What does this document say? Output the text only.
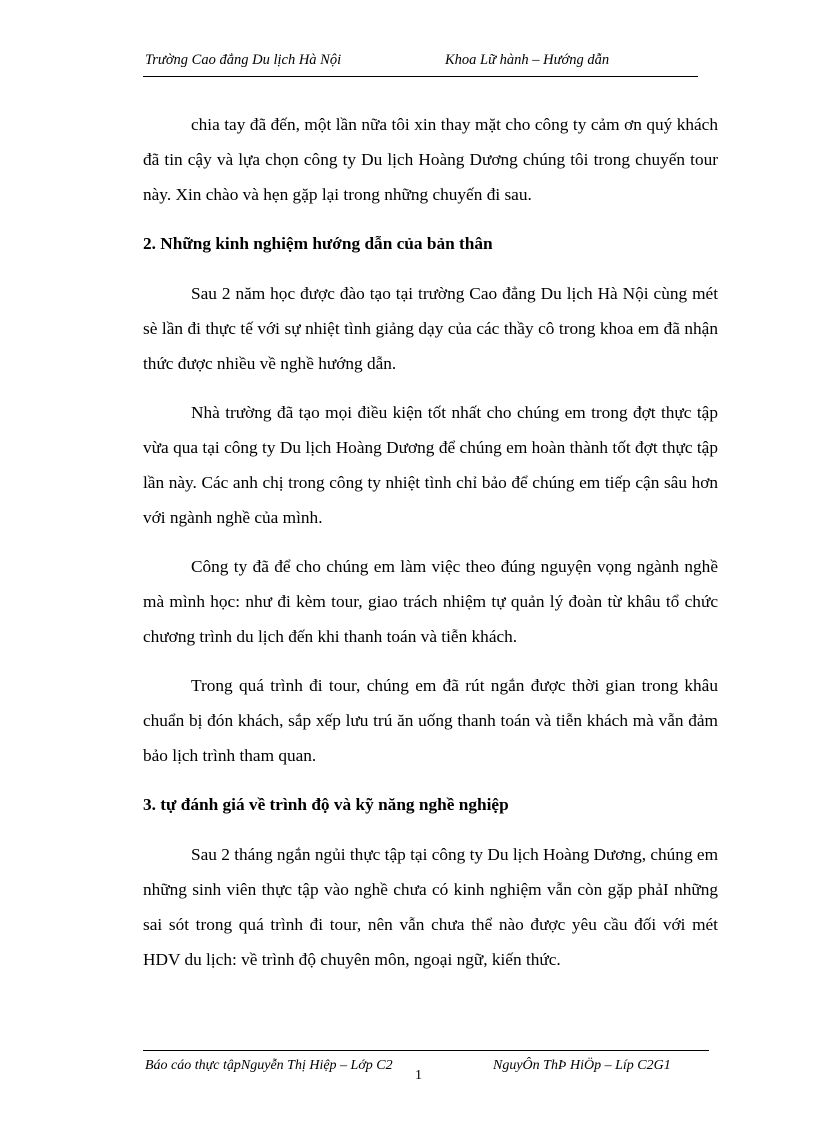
Trường Cao đẳng Du lịch Hà Nội	Khoa Lữ hành – Hướng dẫn

chia tay đã đến, một lần nữa tôi xin thay mặt cho công ty cảm ơn quý khách đã tin cậy và lựa chọn công ty Du lịch Hoàng Dương chúng tôi trong chuyến tour này. Xin chào và hẹn gặp lại trong những chuyến đi sau.

2. Những kinh nghiệm hướng dẫn của bản thân

Sau 2 năm học được đào tạo tại trường Cao đẳng Du lịch Hà Nội cùng mét sè lần đi thực tế với sự nhiệt tình giảng dạy của các thầy cô trong khoa em đã nhận thức được nhiều về nghề hướng dẫn.

Nhà trường đã tạo mọi điều kiện tốt nhất cho chúng em trong đợt thực tập vừa qua tại công ty Du lịch Hoàng Dương để chúng em hoàn thành tốt đợt thực tập lần này. Các anh chị trong công ty nhiệt tình chỉ bảo để chúng em tiếp cận sâu hơn với ngành nghề của mình.

Công ty đã để cho chúng em làm việc theo đúng nguyện vọng ngành nghề mà mình học: như đi kèm tour, giao trách nhiệm tự quản lý đoàn từ khâu tổ chức chương trình du lịch đến khi thanh toán và tiễn khách.

Trong quá trình đi tour, chúng em đã rút ngắn được thời gian trong khâu chuẩn bị đón khách, sắp xếp lưu trú ăn uống thanh toán và tiễn khách mà vẫn đảm bảo lịch trình tham quan.

3. tự đánh giá về trình độ và kỹ năng nghề nghiệp

Sau 2 tháng ngắn ngủi thực tập tại công ty Du lịch Hoàng Dương, chúng em những sinh viên thực tập vào nghề chưa có kinh nghiệm vẫn còn gặp phảI những sai sót trong quá trình đi tour, nên vẫn chưa thể nào được yêu cầu đối với mét HDV du lịch: về trình độ chuyên môn, ngoại ngữ, kiến thức.

Báo cáo thực tậpNguyễn Thị Hiệp – Lớp C2
1
NguyÔn ThÞ HiÖp – Líp C2G1
